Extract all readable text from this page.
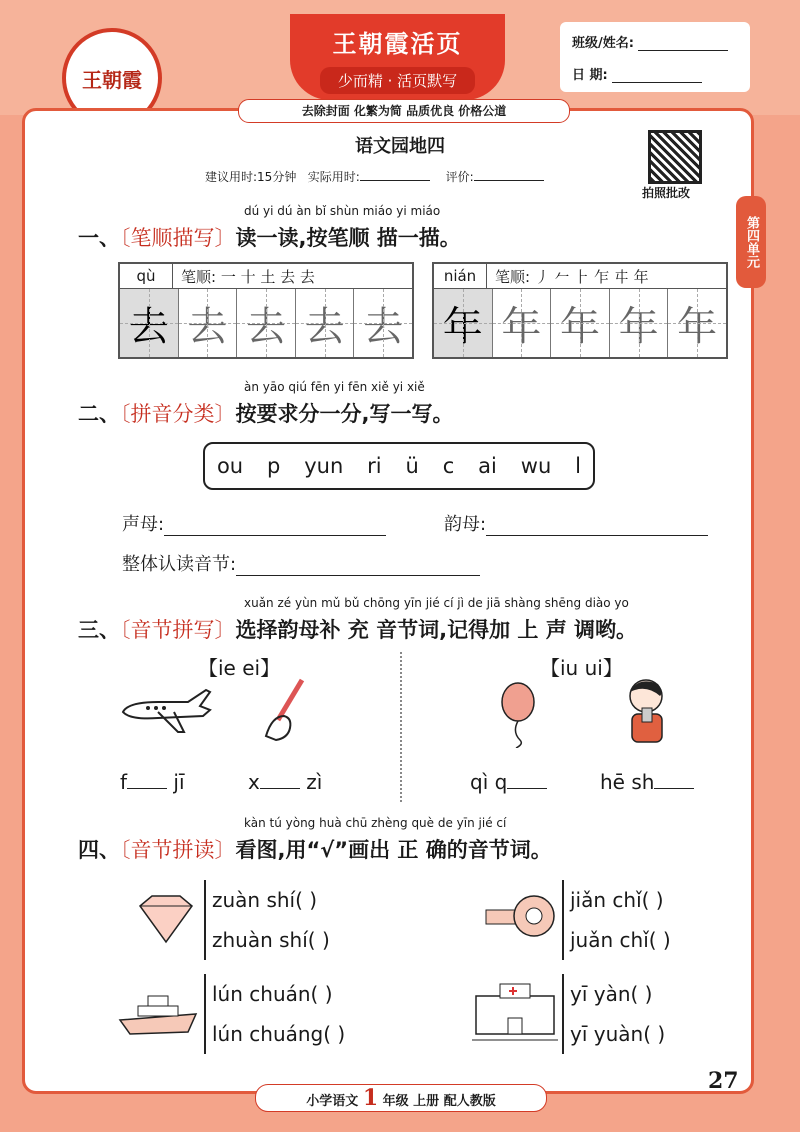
王朝霞
王朝霞活页
少而精 · 活页默写
班级/姓名:
日 期:
去除封面 化繁为简 品质优良 价格公道
第四单元
语文园地四
建议用时:15分钟 实际用时:	评价:
拍照批改
dú yi dú àn bǐ shùn miáo yi miáo
一、〔笔顺描写〕读一读,按笔顺 描一描。
qù	笔顺: 一 十 土 去 去
去 去 去 去 去
nián	笔顺: 丿 𠂉 ⺊ 乍 㐄 年
年 年 年 年 年
àn yāo qiú fēn yi fēn xiě yi xiě
二、〔拼音分类〕按要求分一分,写一写。
ou p yun ri ü c ai wu l
声母:	韵母:
整体认读音节:
xuǎn zé yùn mǔ bǔ chōng yīn jié cí jì de jiā shàng shēng diào yo
三、〔音节拼写〕选择韵母补 充 音节词,记得加 上 声 调哟。
【ie ei】	【iu ui】
f jī	x zì	qì q	hē sh
kàn tú yòng huà chū zhèng què de yīn jié cí
四、〔音节拼读〕看图,用“√”画出 正 确的音节词。
zuàn shí( )
zhuàn shí( )
jiǎn chǐ( )
juǎn chǐ( )
lún chuán( )
lún chuáng( )
yī yàn( )
yī yuàn( )
27
小学语文 1 年级 上册 配人教版
